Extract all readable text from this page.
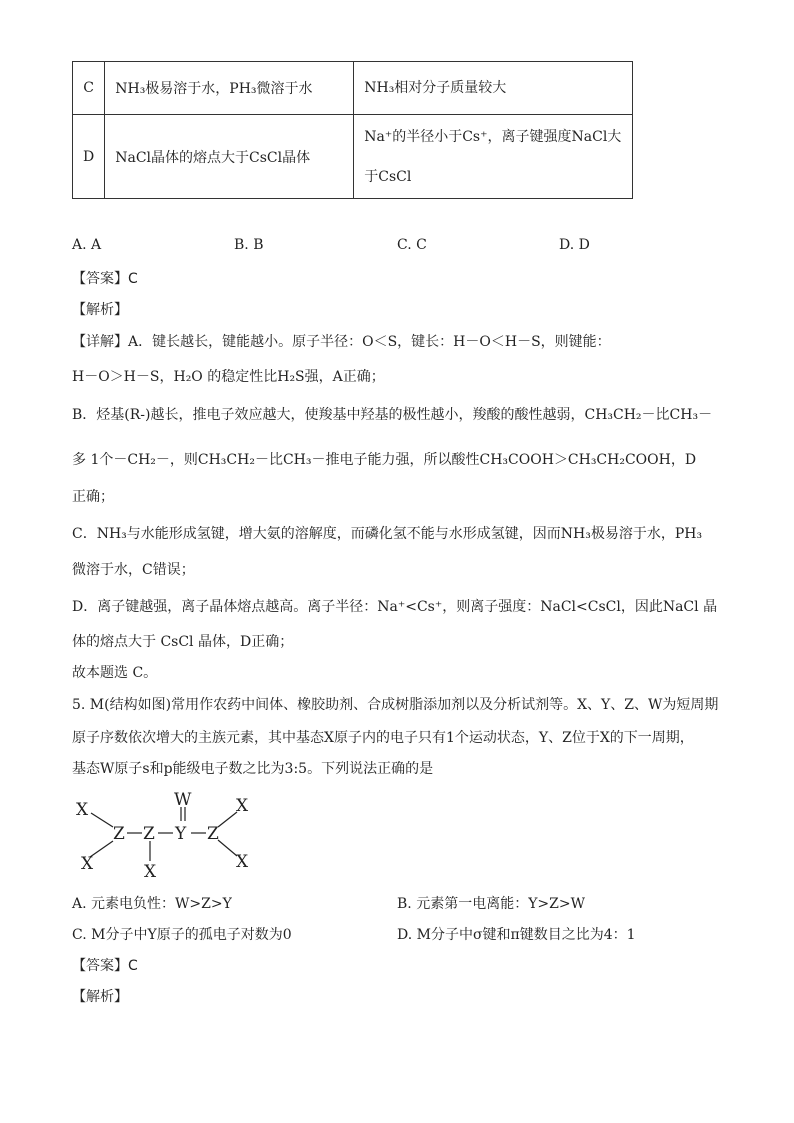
C	NH₃极易溶于水，PH₃微溶于水	NH₃相对分子质量较大
D	NaCl晶体的熔点大于CsCl晶体	Na⁺的半径小于Cs⁺，离子键强度NaCl大
于CsCl
A. A	B. B	C. C	D. D
【答案】C
【解析】
【详解】A．键长越长，键能越小。原子半径：O＜S，键长：H－O＜H－S，则键能：
H－O＞H－S，H₂O 的稳定性比H₂S强，A正确；
B．烃基(R-)越长，推电子效应越大，使羧基中羟基的极性越小，羧酸的酸性越弱，CH₃CH₂－比CH₃－
多 1个－CH₂－，则CH₃CH₂－比CH₃－推电子能力强，所以酸性CH₃COOH＞CH₃CH₂COOH，D
正确；
C．NH₃与水能形成氢键，增大氨的溶解度，而磷化氢不能与水形成氢键，因而NH₃极易溶于水，PH₃
微溶于水，C错误；
D．离子键越强，离子晶体熔点越高。离子半径：Na⁺<Cs⁺，则离子强度：NaCl<CsCl，因此NaCl 晶
体的熔点大于 CsCl 晶体，D正确；
故本题选 C。
5. M(结构如图)常用作农药中间体、橡胶助剂、合成树脂添加剂以及分析试剂等。X、Y、Z、W为短周期
原子序数依次增大的主族元素，其中基态X原子内的电子只有1个运动状态，Y、Z位于X的下一周期，
基态W原子s和p能级电子数之比为3:5。下列说法正确的是
X
X
Z Z
X
Y
W
Z
X
X
A. 元素电负性：W>Z>Y	B. 元素第一电离能：Y>Z>W
C. M分子中Y原子的孤电子对数为0	D. M分子中σ键和π键数目之比为4：1
【答案】C
【解析】
